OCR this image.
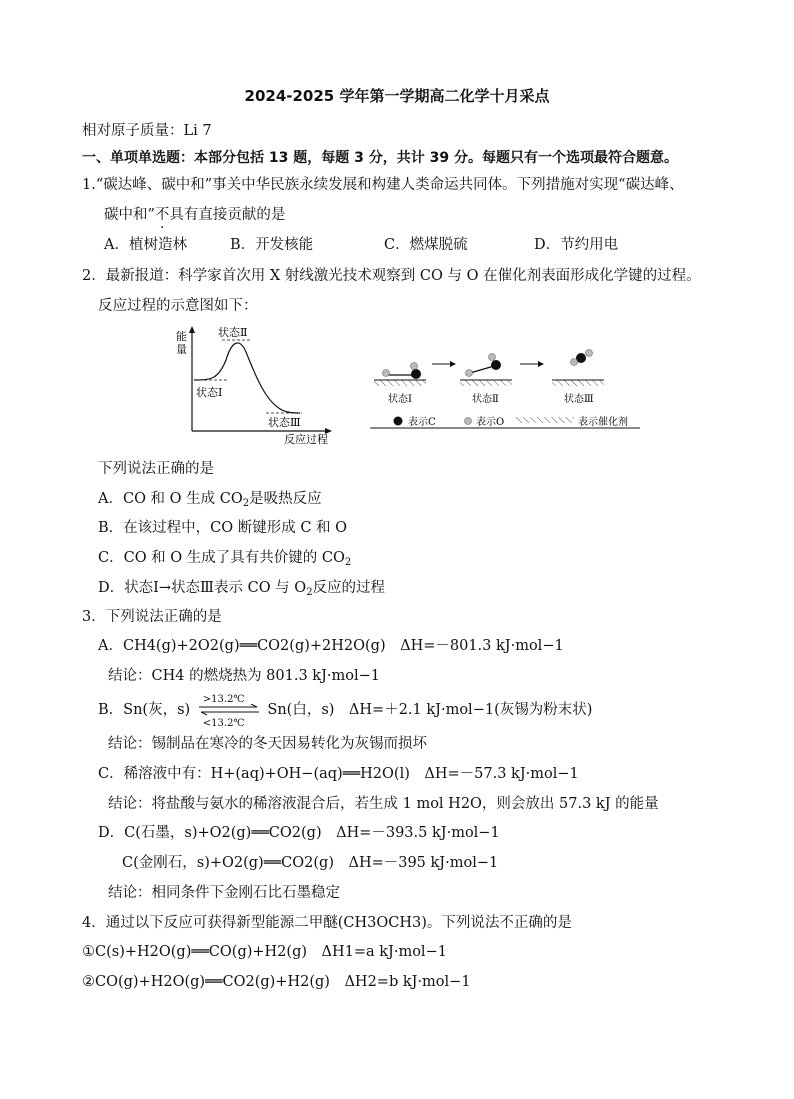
2024-2025 学年第一学期高二化学十月采点
相对原子质量：Li 7
一、单项单选题：本部分包括 13 题，每题 3 分，共计 39 分。每题只有一个选项最符合题意。
1.“碳达峰、碳中和”事关中华民族永续发展和构建人类命运共同体。下列措施对实现“碳达峰、
碳中和”不具有直接贡献的是
A．植树造林	B．开发核能	C．燃煤脱硫	D．节约用电
2．最新报道：科学家首次用 X 射线激光技术观察到 CO 与 O 在催化剂表面形成化学键的过程。
反应过程的示意图如下：
能
量
状态Ⅱ
状态Ⅰ
状态Ⅲ
反应过程
状态Ⅰ	状态Ⅱ	状态Ⅲ
表示C	表示O	表示催化剂
下列说法正确的是
A．CO 和 O 生成 $CO_2$是吸热反应
B．在该过程中，CO 断键形成 C 和 O
C．CO 和 O 生成了具有共价键的 $CO_2$
D．状态Ⅰ→状态Ⅲ表示 CO 与 $O_2$反应的过程
3．下列说法正确的是
A．CH4(g)+2O2(g)══CO2(g)+2H2O(g)　ΔH=－801.3 kJ·mol−1
结论：CH4 的燃烧热为 801.3 kJ·mol−1
B．Sn(灰，s)
>13.2℃
<13.2℃
Sn(白，s)　ΔH=＋2.1 kJ·mol−1(灰锡为粉末状)
结论：锡制品在寒冷的冬天因易转化为灰锡而损坏
C．稀溶液中有：H+(aq)+OH−(aq)══H2O(l)　ΔH=－57.3 kJ·mol−1
结论：将盐酸与氨水的稀溶液混合后，若生成 1 mol H2O，则会放出 57.3 kJ 的能量
D．C(石墨，s)+O2(g)══CO2(g)　ΔH=－393.5 kJ·mol−1
C(金刚石，s)+O2(g)══CO2(g)　ΔH=－395 kJ·mol−1
结论：相同条件下金刚石比石墨稳定
4．通过以下反应可获得新型能源二甲醚(CH3OCH3)。下列说法不正确的是
①C(s)+H2O(g)══CO(g)+H2(g)　ΔH1=a kJ·mol−1
②CO(g)+H2O(g)══CO2(g)+H2(g)　ΔH2=b kJ·mol−1
